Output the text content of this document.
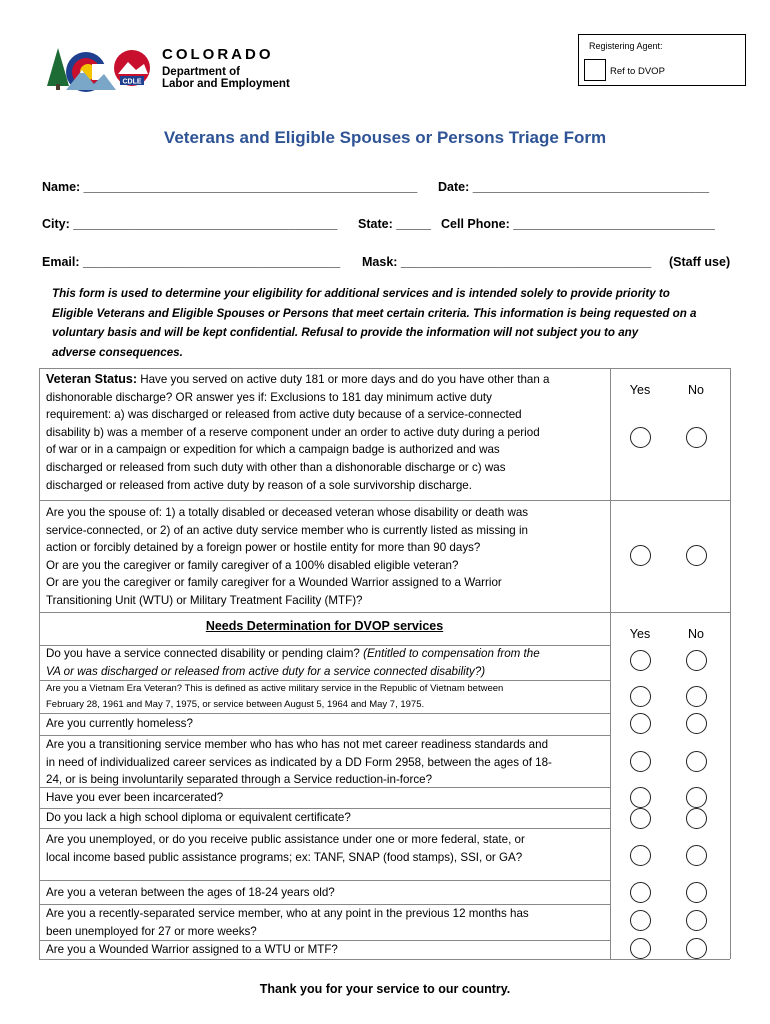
CDLE
COLORADO
Department of
Labor and Employment
Registering Agent:
Ref to DVOP
Veterans and Eligible Spouses or Persons Triage Form
Name: ________________________________________________ Date: __________________________________
City: ______________________________________ State: _____ Cell Phone: _____________________________
Email: _____________________________________ Mask: ____________________________________ (Staff use)
This form is used to determine your eligibility for additional services and is intended solely to provide priority to
Eligible Veterans and Eligible Spouses or Persons that meet certain criteria. This information is being requested on a
voluntary basis and will be kept confidential. Refusal to provide the information will not subject you to any
adverse consequences.
Yes	No
Yes	No
Veteran Status: Have you served on active duty 181 or more days and do you have other than a
dishonorable discharge? OR answer yes if: Exclusions to 181 day minimum active duty
requirement: a) was discharged or released from active duty because of a service-connected
disability b) was a member of a reserve component under an order to active duty during a period
of war or in a campaign or expedition for which a campaign badge is authorized and was
discharged or released from such duty with other than a dishonorable discharge or c) was
discharged or released from active duty by reason of a sole survivorship discharge.
Are you the spouse of: 1) a totally disabled or deceased veteran whose disability or death was
service-connected, or 2) of an active duty service member who is currently listed as missing in
action or forcibly detained by a foreign power or hostile entity for more than 90 days?
Or are you the caregiver or family caregiver of a 100% disabled eligible veteran?
Or are you the caregiver or family caregiver for a Wounded Warrior assigned to a Warrior
Transitioning Unit (WTU) or Military Treatment Facility (MTF)?
Needs Determination for DVOP services
Do you have a service connected disability or pending claim? (Entitled to compensation from the
VA or was discharged or released from active duty for a service connected disability?)
Are you a Vietnam Era Veteran? This is defined as active military service in the Republic of Vietnam between
February 28, 1961 and May 7, 1975, or service between August 5, 1964 and May 7, 1975.
Are you currently homeless?
Are you a transitioning service member who has who has not met career readiness standards and
in need of individualized career services as indicated by a DD Form 2958, between the ages of 18-
24, or is being involuntarily separated through a Service reduction-in-force?
Have you ever been incarcerated?
Do you lack a high school diploma or equivalent certificate?
Are you unemployed, or do you receive public assistance under one or more federal, state, or
local income based public assistance programs; ex: TANF, SNAP (food stamps), SSI, or GA?
Are you a veteran between the ages of 18-24 years old?
Are you a recently-separated service member, who at any point in the previous 12 months has
been unemployed for 27 or more weeks?
Are you a Wounded Warrior assigned to a WTU or MTF?
Thank you for your service to our country.
